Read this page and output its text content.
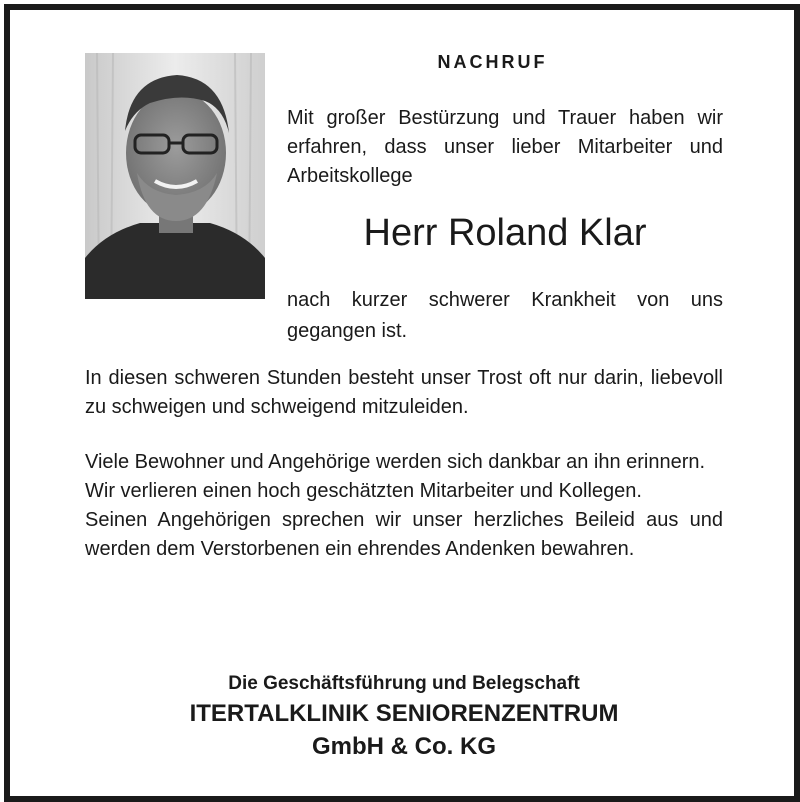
NACHRUF

Mit großer Bestürzung und Trauer haben wir erfahren, dass unser lieber Mitarbeiter und Arbeitskollege

Herr Roland Klar

nach kurzer schwerer Krankheit von uns gegangen ist.

In diesen schweren Stunden besteht unser Trost oft nur darin, liebevoll zu schweigen und schweigend mitzuleiden.

Viele Bewohner und Angehörige werden sich dankbar an ihn erinnern.
Wir verlieren einen hoch geschätzten Mitarbeiter und Kollegen.
Seinen Angehörigen sprechen wir unser herzliches Beileid aus und werden dem Verstorbenen ein ehrendes Andenken bewahren.
Die Geschäftsführung und Belegschaft
ITERTALKLINIK SENIORENZENTRUM
GmbH & Co. KG
